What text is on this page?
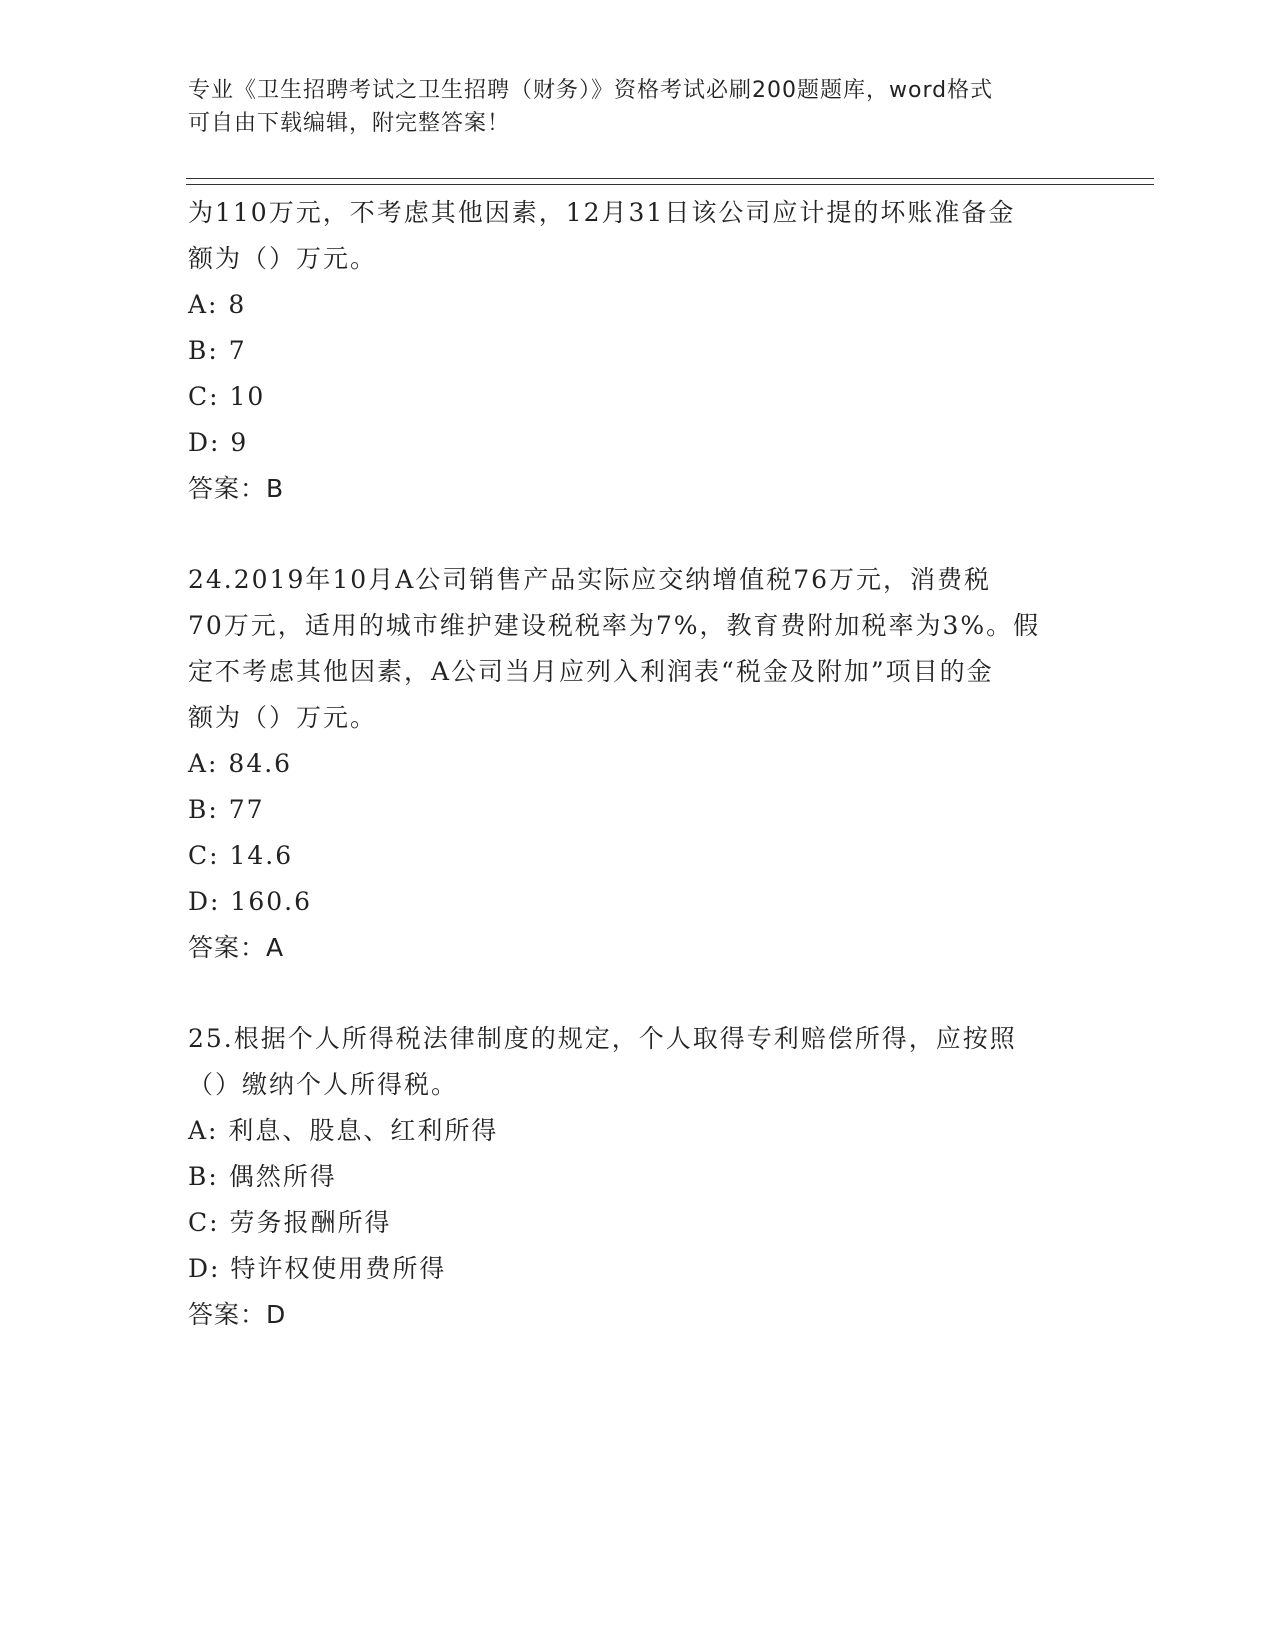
专业《卫生招聘考试之卫生招聘（财务）》资格考试必刷200题题库，word格式
可自由下载编辑，附完整答案！
为110万元，不考虑其他因素，12月31日该公司应计提的坏账准备金
额为（）万元。
A: 8
B: 7
C: 10
D: 9
答案：B
24.2019年10月A公司销售产品实际应交纳增值税76万元，消费税
70万元，适用的城市维护建设税税率为7%，教育费附加税率为3%。假
定不考虑其他因素，A公司当月应列入利润表“税金及附加”项目的金
额为（）万元。
A: 84.6
B: 77
C: 14.6
D: 160.6
答案：A
25.根据个人所得税法律制度的规定，个人取得专利赔偿所得，应按照
（）缴纳个人所得税。
A: 利息、股息、红利所得
B: 偶然所得
C: 劳务报酬所得
D: 特许权使用费所得
答案：D
